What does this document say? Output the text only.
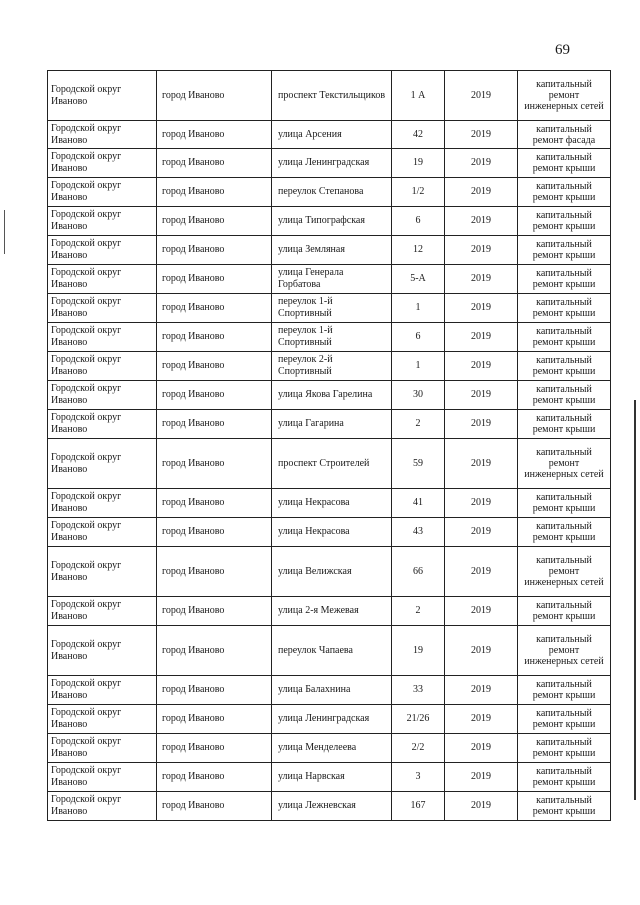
69
Городской округ Иваново	город Иваново	проспект Текстильщиков	1 А	2019	капитальный ремонт инженерных сетей
Городской округ Иваново	город Иваново	улица Арсения	42	2019	капитальный ремонт фасада
Городской округ Иваново	город Иваново	улица Ленинградская	19	2019	капитальный ремонт крыши
Городской округ Иваново	город Иваново	переулок Степанова	1/2	2019	капитальный ремонт крыши
Городской округ Иваново	город Иваново	улица Типографская	6	2019	капитальный ремонт крыши
Городской округ Иваново	город Иваново	улица Земляная	12	2019	капитальный ремонт крыши
Городской округ Иваново	город Иваново	улица Генерала Горбатова	5-А	2019	капитальный ремонт крыши
Городской округ Иваново	город Иваново	переулок 1-й Спортивный	1	2019	капитальный ремонт крыши
Городской округ Иваново	город Иваново	переулок 1-й Спортивный	6	2019	капитальный ремонт крыши
Городской округ Иваново	город Иваново	переулок 2-й Спортивный	1	2019	капитальный ремонт крыши
Городской округ Иваново	город Иваново	улица Якова Гарелина	30	2019	капитальный ремонт крыши
Городской округ Иваново	город Иваново	улица Гагарина	2	2019	капитальный ремонт крыши
Городской округ Иваново	город Иваново	проспект Строителей	59	2019	капитальный ремонт инженерных сетей
Городской округ Иваново	город Иваново	улица Некрасова	41	2019	капитальный ремонт крыши
Городской округ Иваново	город Иваново	улица Некрасова	43	2019	капитальный ремонт крыши
Городской округ Иваново	город Иваново	улица Велижская	66	2019	капитальный ремонт инженерных сетей
Городской округ Иваново	город Иваново	улица 2-я Межевая	2	2019	капитальный ремонт крыши
Городской округ Иваново	город Иваново	переулок Чапаева	19	2019	капитальный ремонт инженерных сетей
Городской округ Иваново	город Иваново	улица Балахнина	33	2019	капитальный ремонт крыши
Городской округ Иваново	город Иваново	улица Ленинградская	21/26	2019	капитальный ремонт крыши
Городской округ Иваново	город Иваново	улица Менделеева	2/2	2019	капитальный ремонт крыши
Городской округ Иваново	город Иваново	улица Нарвская	3	2019	капитальный ремонт крыши
Городской округ Иваново	город Иваново	улица Лежневская	167	2019	капитальный ремонт крыши
